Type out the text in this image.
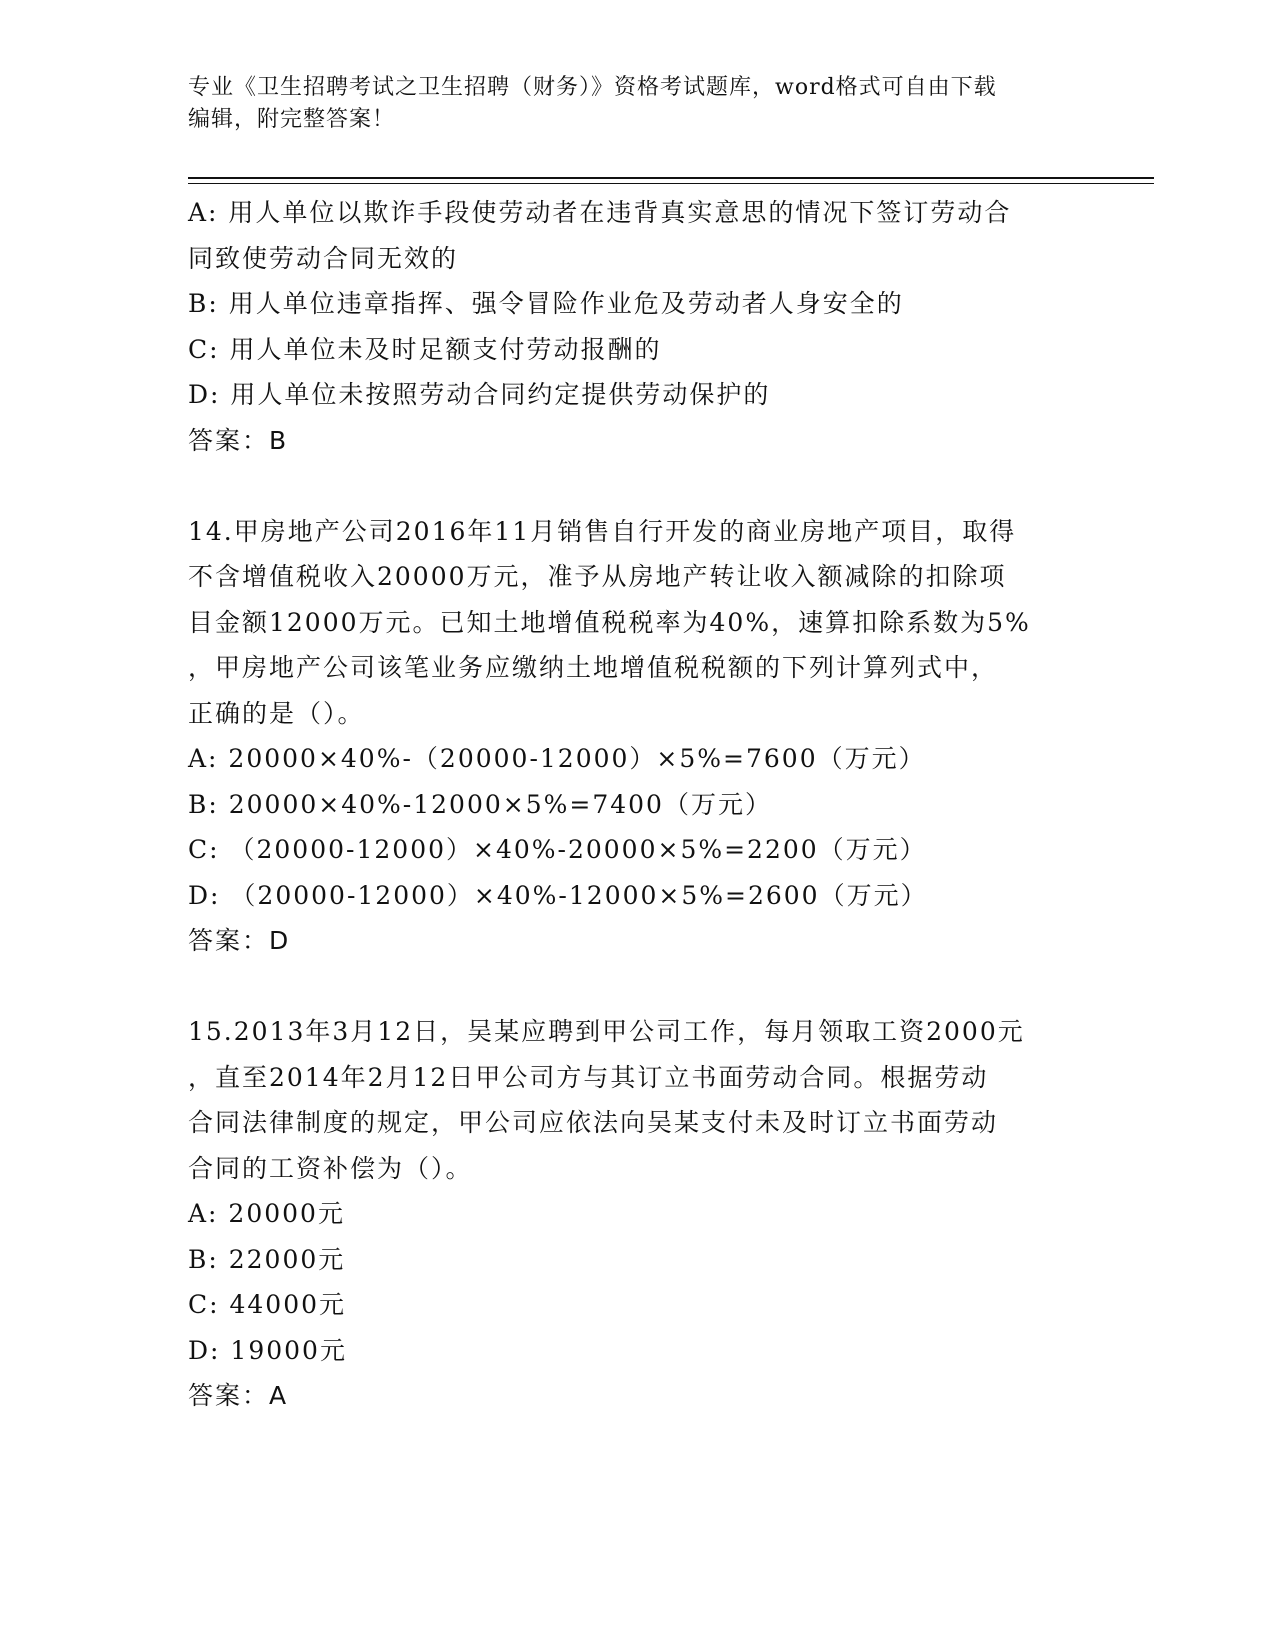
专业《卫生招聘考试之卫生招聘（财务）》资格考试题库，word格式可自由下载
编辑，附完整答案！
A: 用人单位以欺诈手段使劳动者在违背真实意思的情况下签订劳动合
同致使劳动合同无效的
B: 用人单位违章指挥、强令冒险作业危及劳动者人身安全的
C: 用人单位未及时足额支付劳动报酬的
D: 用人单位未按照劳动合同约定提供劳动保护的
答案：B
14.甲房地产公司2016年11月销售自行开发的商业房地产项目，取得
不含增值税收入20000万元，准予从房地产转让收入额减除的扣除项
目金额12000万元。已知土地增值税税率为40%，速算扣除系数为5%
，甲房地产公司该笔业务应缴纳土地增值税税额的下列计算列式中，
正确的是（）。
A: 20000×40%-（20000-12000）×5%=7600（万元）
B: 20000×40%-12000×5%=7400（万元）
C: （20000-12000）×40%-20000×5%=2200（万元）
D: （20000-12000）×40%-12000×5%=2600（万元）
答案：D
15.2013年3月12日，吴某应聘到甲公司工作，每月领取工资2000元
，直至2014年2月12日甲公司方与其订立书面劳动合同。根据劳动
合同法律制度的规定，甲公司应依法向吴某支付未及时订立书面劳动
合同的工资补偿为（）。
A: 20000元
B: 22000元
C: 44000元
D: 19000元
答案：A
